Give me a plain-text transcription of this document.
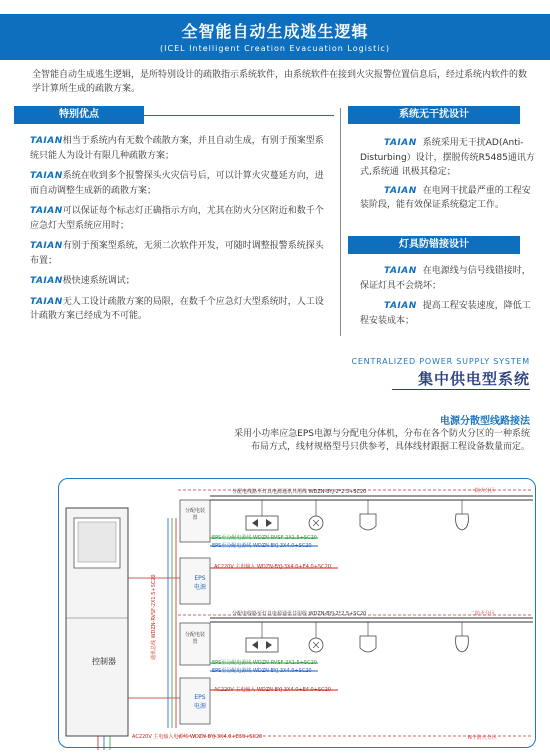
全智能自动生成逃生逻辑
(ICEL Intelligent Creation Evacuation Logistic)
全智能自动生成逃生逻辑，是所特别设计的疏散指示系统软件，由系统软件在接到火灾报警位置信息后，经过系统内软件的数学计算所生成的疏散方案。
特别优点

TAIAN相当于系统内有无数个疏散方案，并且自动生成，有别于预案型系统只能人为设计有限几种疏散方案；

TAIAN系统在收到多个报警探头火灾信号后，可以计算火灾蔓延方向，进而自动调整生成新的疏散方案；

TAIAN可以保证每个标志灯正确指示方向，尤其在防火分区附近和数千个应急灯大型系统应用时；

TAIAN有别于预案型系统，无须二次软件开发，可随时调整报警系统探头布置；

TAIAN极快速系统调试；

TAIAN无人工设计疏散方案的局限，在数千个应急灯大型系统时，人工设计疏散方案已经成为不可能。

系统无干扰设计

TAIAN 系统采用无干扰AD(Anti-Disturbing）设计，摆脱传统R5485通讯方式,系统通 讯极其稳定；

TAIAN 在电网干扰最严重的工程安装阶段，能有效保证系统稳定工作。

灯具防错接设计

TAIAN 在电源线与信号线错接时，保证灯具不会烧坏；

TAIAN 提高工程安装速度，降低工程安装成本；

CENTRALIZED POWER SUPPLY SYSTEM
集中供电型系统
电源分散型线路接法
采用小功率应急EPS电源与分配电分体机，分布在各个防火分区的一种系统布局方式，线材规格型号只供参考，具体线材跟据工程设备数量而定。
分配电线路至灯具电源通讯共用线 WDZN-BYJ-2*2.5+SC20
分配电线路至灯具电源通讯共用线 WDZN-BYJ-2*2.5+SC20
一防火分区
二防火分区
N个防火分区
分配电装置
分配电装置
EPS
电源
EPS
电源
控制器
EPS至分配电源线 WDZN-RVSF-2X1.5+SC20
EPS至分配电源线 WDZN-BYJ-3X4.0+SC20
AC220V 主电输入 WDZN-BYJ-3X4.0+E4.0+SC20
EPS至分配电源线 WDZN-RVSF-2X1.5+SC20
EPS至分配电源线 WDZN-BYJ-3X4.0+SC20
AC220V 主电输入 WDZN-BYJ-3X4.0+E4.0+SC20
AC220V 主电输入电源线 WDZN-BYJ-3X4.0+E30+SC20
通讯总线 WDZN-RVSF-2X1.5+SC20
